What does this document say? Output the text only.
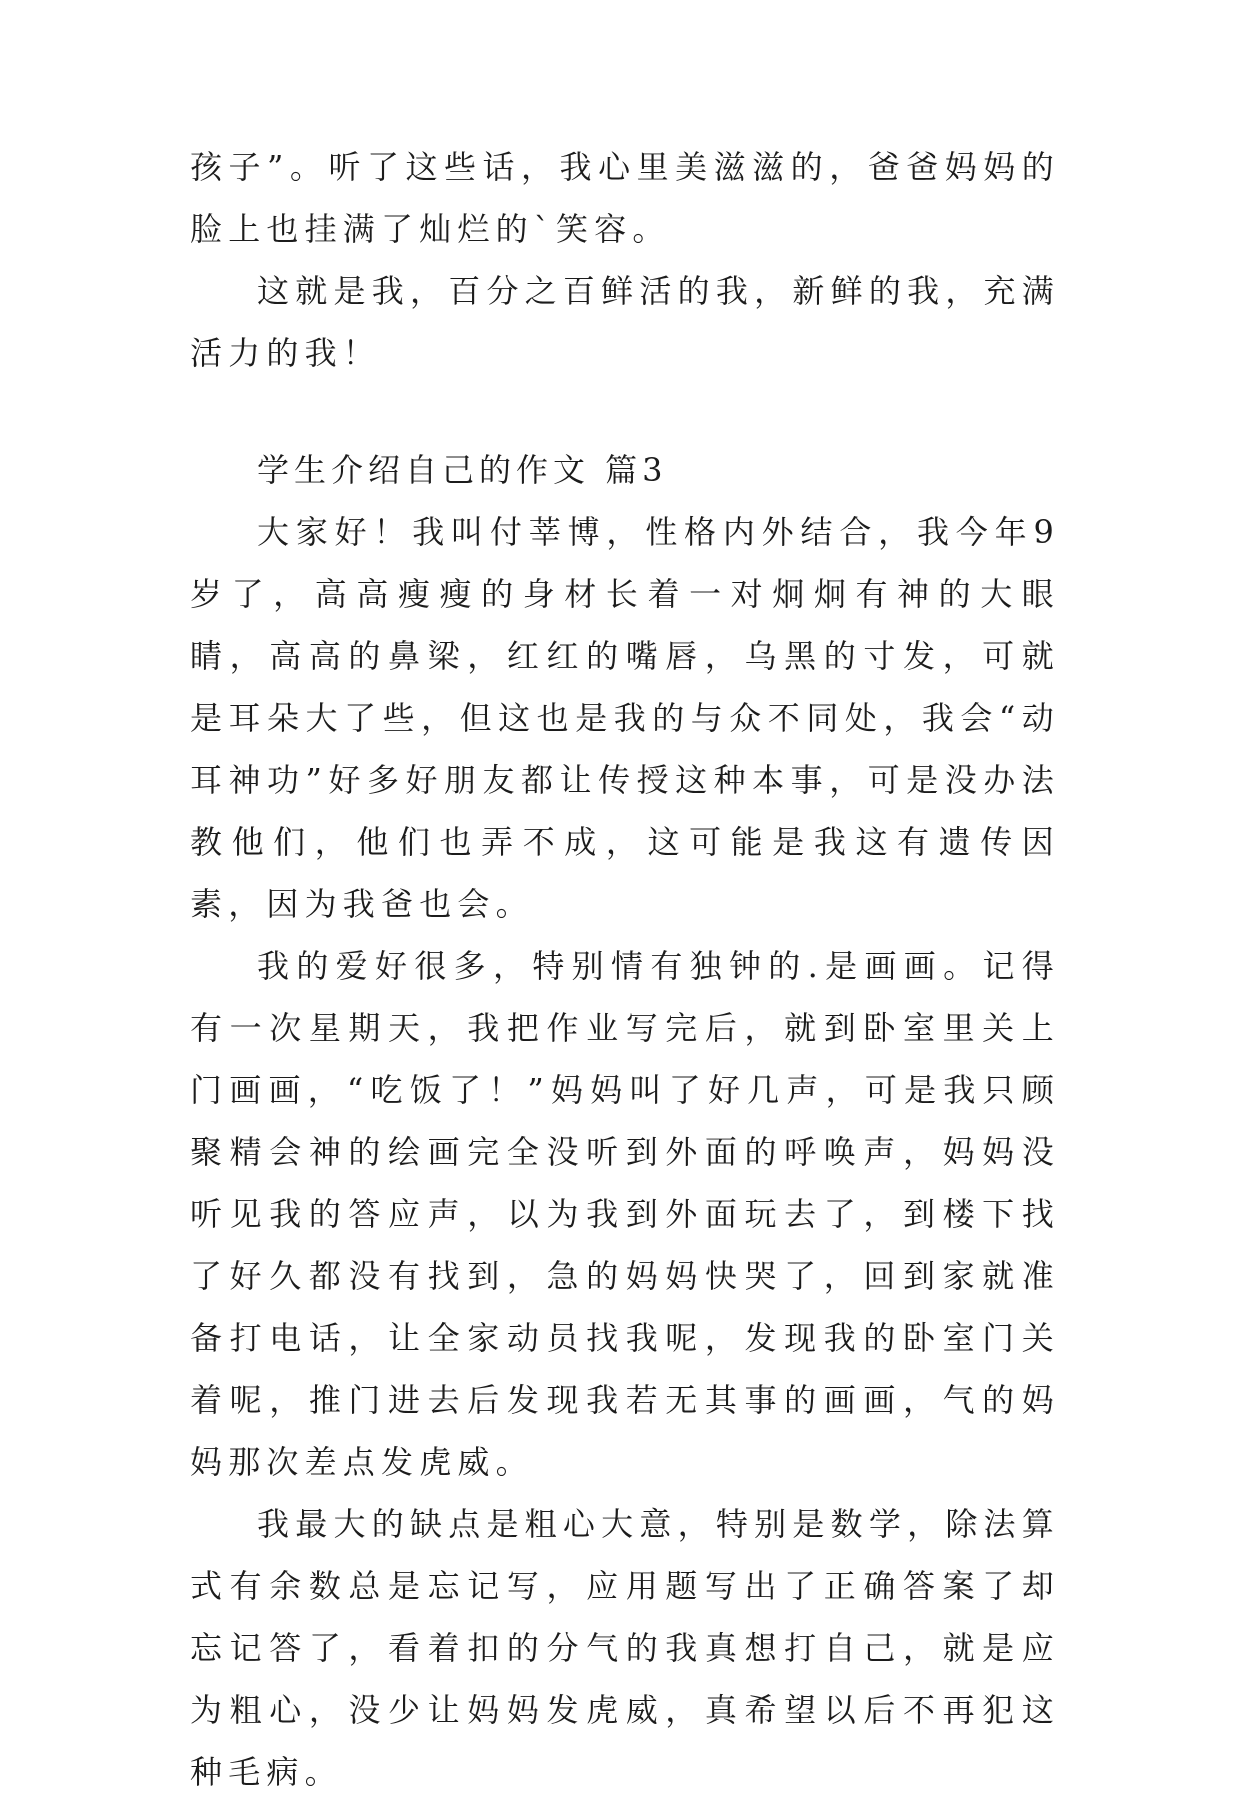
孩子”。听了这些话，我心里美滋滋的，爸爸妈妈的脸上也挂满了灿烂的`笑容。

这就是我，百分之百鲜活的我，新鲜的我，充满活力的我！

学生介绍自己的作文 篇3

大家好！我叫付莘博，性格内外结合，我今年9岁了，高高瘦瘦的身材长着一对炯炯有神的大眼睛，高高的鼻梁，红红的嘴唇，乌黑的寸发，可就是耳朵大了些，但这也是我的与众不同处，我会“动耳神功”好多好朋友都让传授这种本事，可是没办法教他们，他们也弄不成，这可能是我这有遗传因素，因为我爸也会。

我的爱好很多，特别情有独钟的.是画画。记得有一次星期天，我把作业写完后，就到卧室里关上门画画，“吃饭了！”妈妈叫了好几声，可是我只顾聚精会神的绘画完全没听到外面的呼唤声，妈妈没听见我的答应声，以为我到外面玩去了，到楼下找了好久都没有找到，急的妈妈快哭了，回到家就准备打电话，让全家动员找我呢，发现我的卧室门关着呢，推门进去后发现我若无其事的画画，气的妈妈那次差点发虎威。

我最大的缺点是粗心大意，特别是数学，除法算式有余数总是忘记写，应用题写出了正确答案了却忘记答了，看着扣的分气的我真想打自己，就是应为粗心，没少让妈妈发虎威，真希望以后不再犯这种毛病。
